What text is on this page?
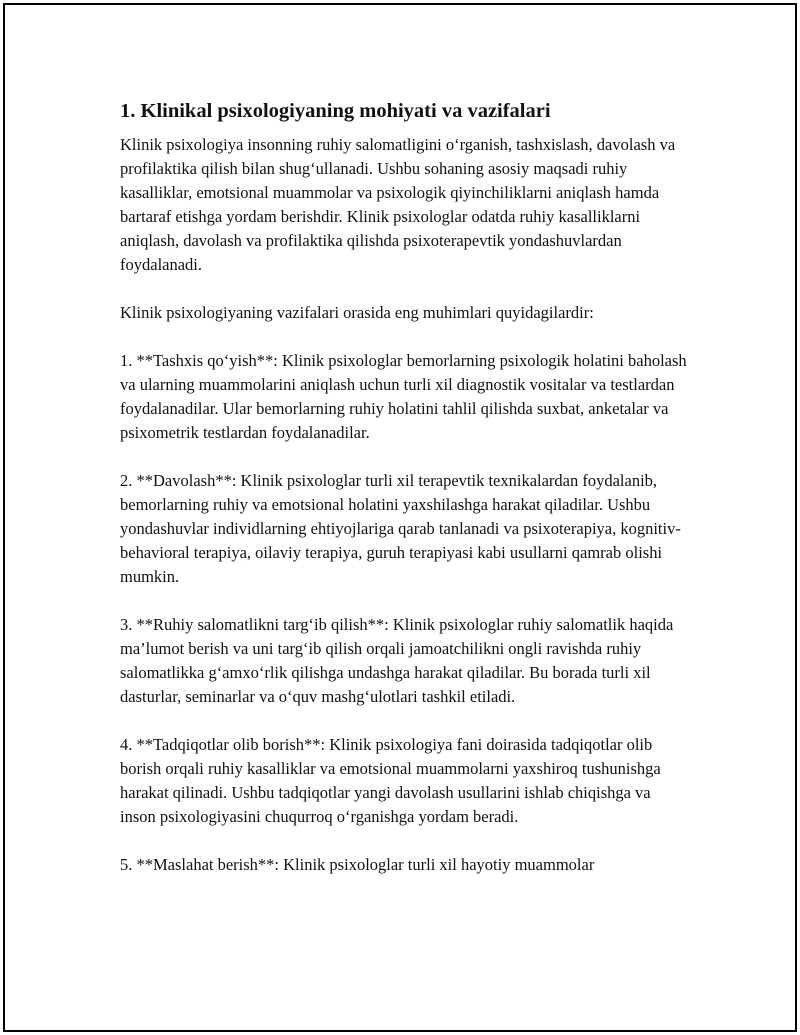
1. Klinikal psixologiyaning mohiyati va vazifalari

Klinik psixologiya insonning ruhiy salomatligini o‘rganish, tashxislash, davolash va profilaktika qilish bilan shug‘ullanadi. Ushbu sohaning asosiy maqsadi ruhiy kasalliklar, emotsional muammolar va psixologik qiyinchiliklarni aniqlash hamda bartaraf etishga yordam berishdir. Klinik psixologlar odatda ruhiy kasalliklarni aniqlash, davolash va profilaktika qilishda psixoterapevtik yondashuvlardan foydalanadi.

Klinik psixologiyaning vazifalari orasida eng muhimlari quyidagilardir:

1. **Tashxis qo‘yish**: Klinik psixologlar bemorlarning psixologik holatini baholash va ularning muammolarini aniqlash uchun turli xil diagnostik vositalar va testlardan foydalanadilar. Ular bemorlarning ruhiy holatini tahlil qilishda suxbat, anketalar va psixometrik testlardan foydalanadilar.

2. **Davolash**: Klinik psixologlar turli xil terapevtik texnikalardan foydalanib, bemorlarning ruhiy va emotsional holatini yaxshilashga harakat qiladilar. Ushbu yondashuvlar individlarning ehtiyojlariga qarab tanlanadi va psixoterapiya, kognitiv-behavioral terapiya, oilaviy terapiya, guruh terapiyasi kabi usullarni qamrab olishi mumkin.

3. **Ruhiy salomatlikni targ‘ib qilish**: Klinik psixologlar ruhiy salomatlik haqida ma’lumot berish va uni targ‘ib qilish orqali jamoatchilikni ongli ravishda ruhiy salomatlikka g‘amxo‘rlik qilishga undashga harakat qiladilar. Bu borada turli xil dasturlar, seminarlar va o‘quv mashg‘ulotlari tashkil etiladi.

4. **Tadqiqotlar olib borish**: Klinik psixologiya fani doirasida tadqiqotlar olib borish orqali ruhiy kasalliklar va emotsional muammolarni yaxshiroq tushunishga harakat qilinadi. Ushbu tadqiqotlar yangi davolash usullarini ishlab chiqishga va inson psixologiyasini chuqurroq o‘rganishga yordam beradi.

5. **Maslahat berish**: Klinik psixologlar turli xil hayotiy muammolar
